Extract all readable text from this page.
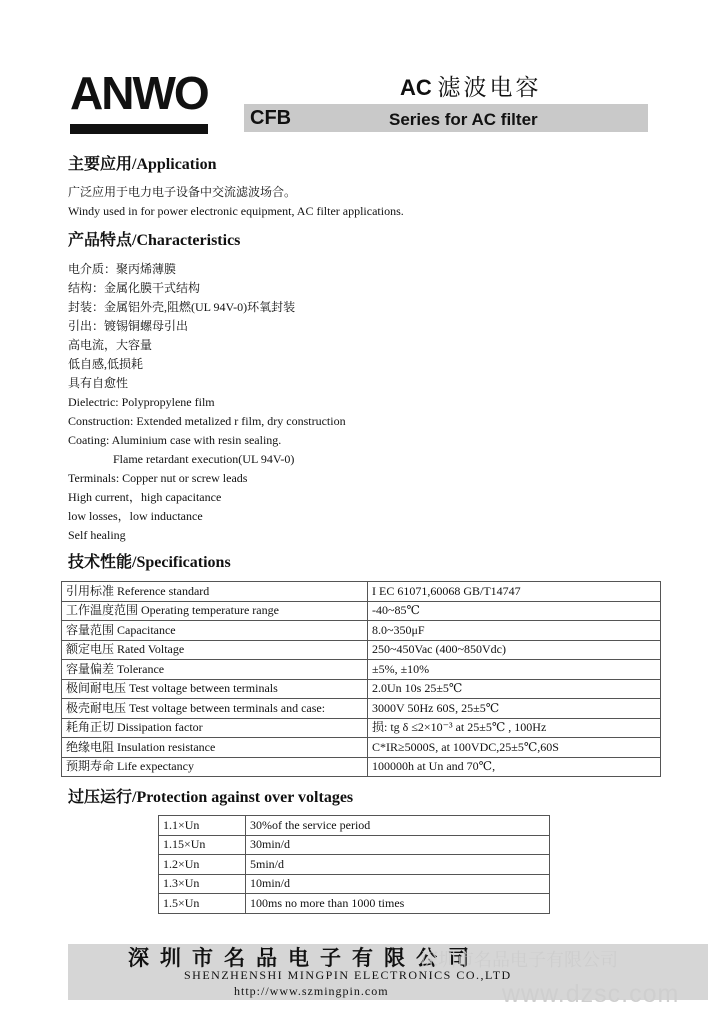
ANWO	AC 滤波电容
CFB	Series for AC filter
主要应用/Application
广泛应用于电力电子设备中交流滤波场合。
Windy used in for power electronic equipment, AC filter applications.
产品特点/Characteristics
电介质：聚丙烯薄膜
结构：金属化膜干式结构
封装：金属铝外壳,阻燃(UL 94V-0)环氧封装
引出：镀锡铜螺母引出
高电流，大容量
低自感,低损耗
具有自愈性
Dielectric: Polypropylene film
Construction: Extended metalized r film, dry construction
Coating: Aluminium case with resin sealing.
Flame retardant execution(UL 94V-0)
Terminals: Copper nut or screw leads
High current，high capacitance
low losses，low inductance
Self healing
技术性能/Specifications
引用标准 Reference standard	I EC 61071,60068 GB/T14747
工作温度范围 Operating temperature range	-40~85℃
容量范围 Capacitance	8.0~350μF
额定电压 Rated Voltage	250~450Vac (400~850Vdc)
容量偏差 Tolerance	±5%, ±10%
极间耐电压 Test voltage between terminals	2.0Un 10s 25±5℃
极壳耐电压 Test voltage between terminals and case:	3000V 50Hz 60S, 25±5℃
耗角正切 Dissipation factor	损: tg δ ≤2×10⁻³ at 25±5℃ , 100Hz
绝缘电阻 Insulation resistance	C*IR≥5000S, at 100VDC,25±5℃,60S
预期寿命 Life expectancy	100000h at Un and 70℃,
过压运行/Protection against over voltages
1.1×Un	30%of the service period
1.15×Un	30min/d
1.2×Un	5min/d
1.3×Un	10min/d
1.5×Un	100ms no more than 1000 times
深圳市名品电子有限公司
SHENZHENSHI MINGPIN ELECTRONICS CO.,LTD
http://www.szmingpin.com
深圳市名品电子有限公司
www.dzsc.com
